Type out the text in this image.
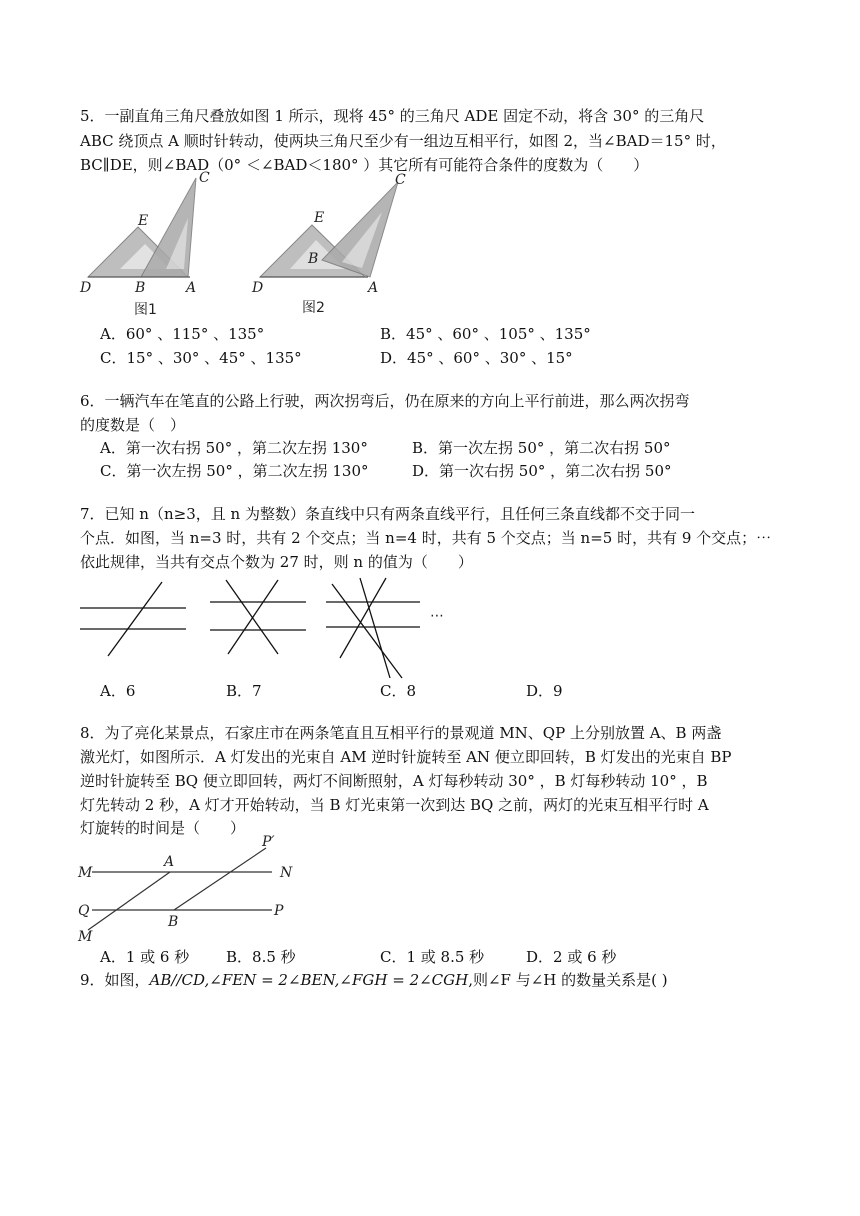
5．一副直角三角尺叠放如图 1 所示，现将 45° 的三角尺 ADE 固定不动，将含 30° 的三角尺
ABC 绕顶点 A 顺时针转动，使两块三角尺至少有一组边互相平行，如图 2，当∠BAD＝15° 时，
BC∥DE，则∠BAD（0° ＜∠BAD＜180° ）其它所有可能符合条件的度数为（　　）
C
E
D	B	A
图1
C
E
D
B
A
图2
A．60° 、115° 、135°	B．45° 、60° 、105° 、135°
C．15° 、30° 、45° 、135°	D．45° 、60° 、30° 、15°
6．一辆汽车在笔直的公路上行驶，两次拐弯后，仍在原来的方向上平行前进，那么两次拐弯
的度数是（　）
A．第一次右拐 50° ，第二次左拐 130°	B．第一次左拐 50° ，第二次右拐 50°
C．第一次左拐 50° ，第二次左拐 130°	D．第一次右拐 50° ，第二次右拐 50°
7．已知 n（n≥3，且 n 为整数）条直线中只有两条直线平行，且任何三条直线都不交于同一
个点．如图，当 n=3 时，共有 2 个交点；当 n=4 时，共有 5 个交点；当 n=5 时，共有 9 个交点；⋯
依此规律，当共有交点个数为 27 时，则 n 的值为（　　）
⋯
A．6	B．7	C．8	D．9
8．为了亮化某景点，石家庄市在两条笔直且互相平行的景观道 MN、QP 上分别放置 A、B 两盏
激光灯，如图所示．A 灯发出的光束自 AM 逆时针旋转至 AN 便立即回转，B 灯发出的光束自 BP
逆时针旋转至 BQ 便立即回转，两灯不间断照射，A 灯每秒转动 30° ，B 灯每秒转动 10° ，B
灯先转动 2 秒，A 灯才开始转动，当 B 灯光束第一次到达 BQ 之前，两灯的光束互相平行时 A
灯旋转的时间是（　　）
P′
M
A
N
Q
B
P
M
A．1 或 6 秒 B．8.5 秒	C．1 或 8.5 秒	D．2 或 6 秒
9．如图，AB//CD,∠FEN = 2∠BEN,∠FGH = 2∠CGH,则∠F 与∠H 的数量关系是( )
